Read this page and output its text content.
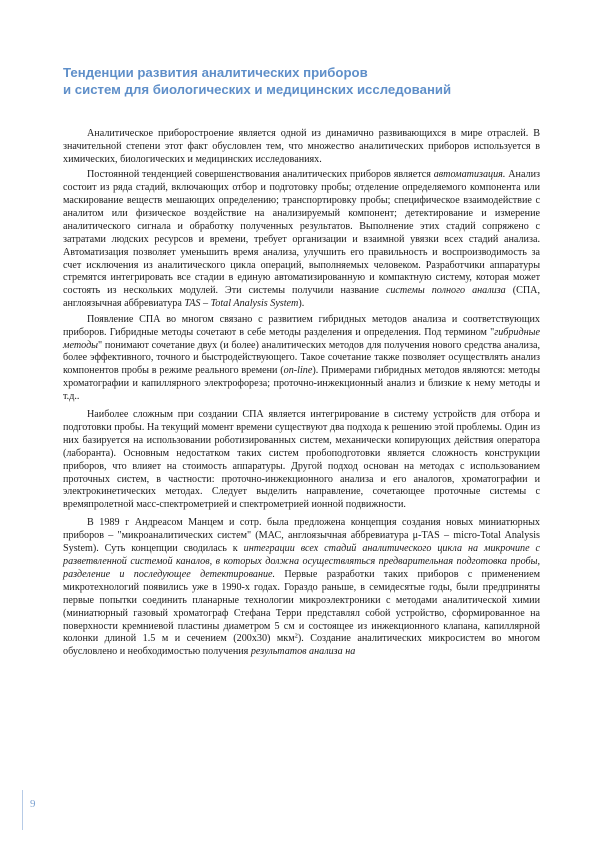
Тенденции развития аналитических приборов
и систем для биологических и медицинских исследований

Аналитическое приборостроение является одной из динамично развивающихся в мире отраслей. В значительной степени этот факт обусловлен тем, что множество аналитических приборов используется в химических, биологических и медицинских исследованиях.

Постоянной тенденцией совершенствования аналитических приборов является автоматизация. Анализ состоит из ряда стадий, включающих отбор и подготовку пробы; отделение определяемого компонента или маскирование веществ мешающих определению; транспортировку пробы; специфическое взаимодействие с аналитом или физическое воздействие на анализируемый компонент; детектирование и измерение аналитического сигнала и обработку полученных результатов. Выполнение этих стадий сопряжено с затратами людских ресурсов и времени, требует организации и взаимной увязки всех стадий анализа. Автоматизация позволяет уменьшить время анализа, улучшить его правильность и воспроизводимость за счет исключения из аналитического цикла операций, выполняемых человеком. Разработчики аппаратуры стремятся интегрировать все стадии в единую автоматизированную и компактную систему, которая может состоять из нескольких модулей. Эти системы получили название системы полного анализа (СПА, англоязычная аббревиатура TAS – Total Analysis System).

Появление СПА во многом связано с развитием гибридных методов анализа и соответствующих приборов. Гибридные методы сочетают в себе методы разделения и определения. Под термином "гибридные методы" понимают сочетание двух (и более) аналитических методов для получения нового средства анализа, более эффективного, точного и быстродействующего. Такое сочетание также позволяет осуществлять анализ компонентов пробы в режиме реального времени (on-line). Примерами гибридных методов являются: методы хроматографии и капиллярного электрофореза; проточно-инжекционный анализ и близкие к нему методы и т.д..

Наиболее сложным при создании СПА является интегрирование в систему устройств для отбора и подготовки пробы. На текущий момент времени существуют два подхода к решению этой проблемы. Один из них базируется на использовании роботизированных систем, механически копирующих действия оператора (лаборанта). Основным недостатком таких систем пробоподготовки является сложность конструкции приборов, что влияет на стоимость аппаратуры. Другой подход основан на методах с использованием проточных систем, в частности: проточно-инжекционного анализа и его аналогов, хроматографии и электрокинетических методах. Следует выделить направление, сочетающее проточные системы с времяпролетной масс-спектрометрией и спектрометрией ионной подвижности.

В 1989 г Андреасом Манцем и сотр. была предложена концепция создания новых миниатюрных приборов – "микроаналитических систем" (МАС, англоязычная аббревиатура μ-TAS – micro-Total Analysis System). Суть концепции сводилась к интеграции всех стадий аналитического цикла на микрочипе с разветвленной системой каналов, в которых должна осуществляться предварительная подготовка пробы, разделение и последующее детектирование. Первые разработки таких приборов с применением микротехнологий появились уже в 1990-х годах. Гораздо раньше, в семидесятые годы, были предприняты первые попытки соединить планарные технологии микроэлектроники с методами аналитической химии (миниатюрный газовый хроматограф Стефана Терри представлял собой устройство, сформированное на поверхности кремниевой пластины диаметром 5 см и состоящее из инжекционного клапана, капиллярной колонки длиной 1.5 м и сечением (200x30) мкм$^2$). Создание аналитических микросистем во многом обусловлено и необходимостью получения результатов анализа на

9
